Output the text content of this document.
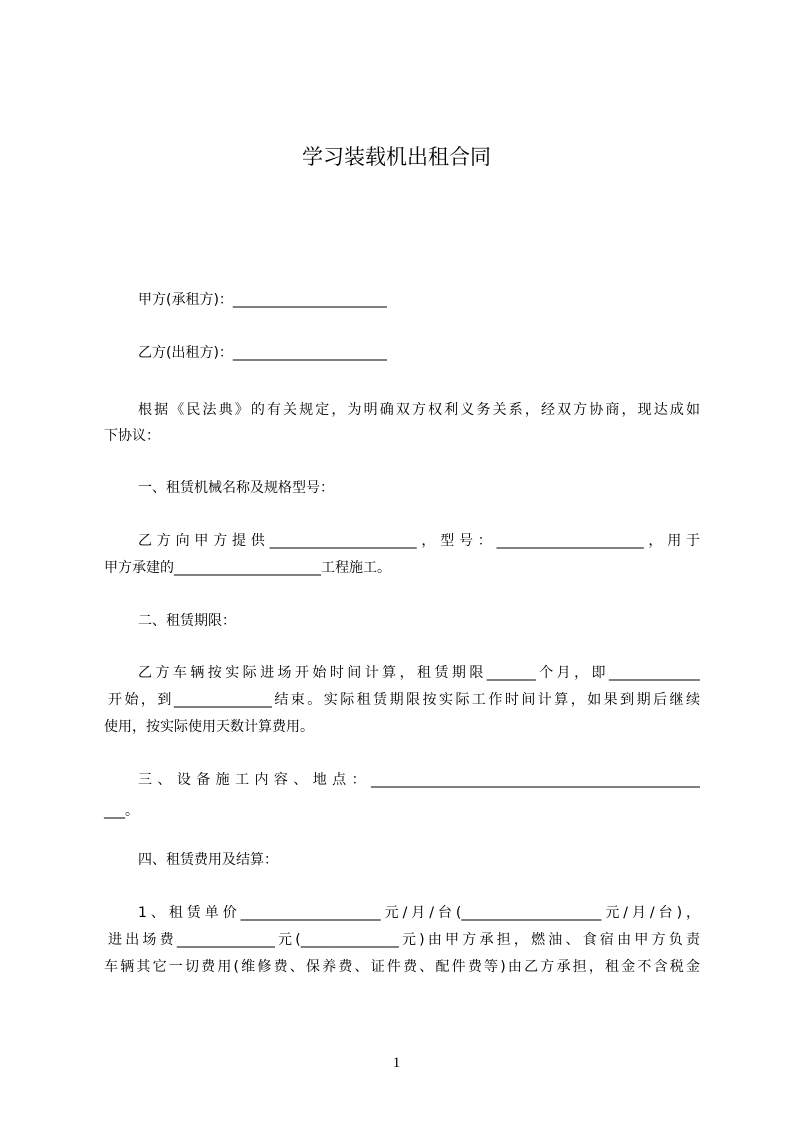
学习装载机出租合同
甲方(承租方)：______________________
乙方(出租方)：______________________
根据《民法典》的有关规定，为明确双方权利义务关系，经双方协商，现达成如
下协议：
一、租赁机械名称及规格型号：
乙方向甲方提供_____________________，型号：_____________________，用于
甲方承建的_____________________工程施工。
二、租赁期限：
乙方车辆按实际进场开始时间计算，租赁期限_______个月，即_____________
开始，到______________结束。实际租赁期限按实际工作时间计算，如果到期后继续
使用，按实际使用天数计算费用。
三、设备施工内容、地点：_______________________________________________
___。
四、租赁费用及结算：
1、租赁单价____________________元/月/台(____________________元/月/台)，
进出场费______________元(______________元)由甲方承担，燃油、食宿由甲方负责
车辆其它一切费用(维修费、保养费、证件费、配件费等)由乙方承担，租金不含税金
1
